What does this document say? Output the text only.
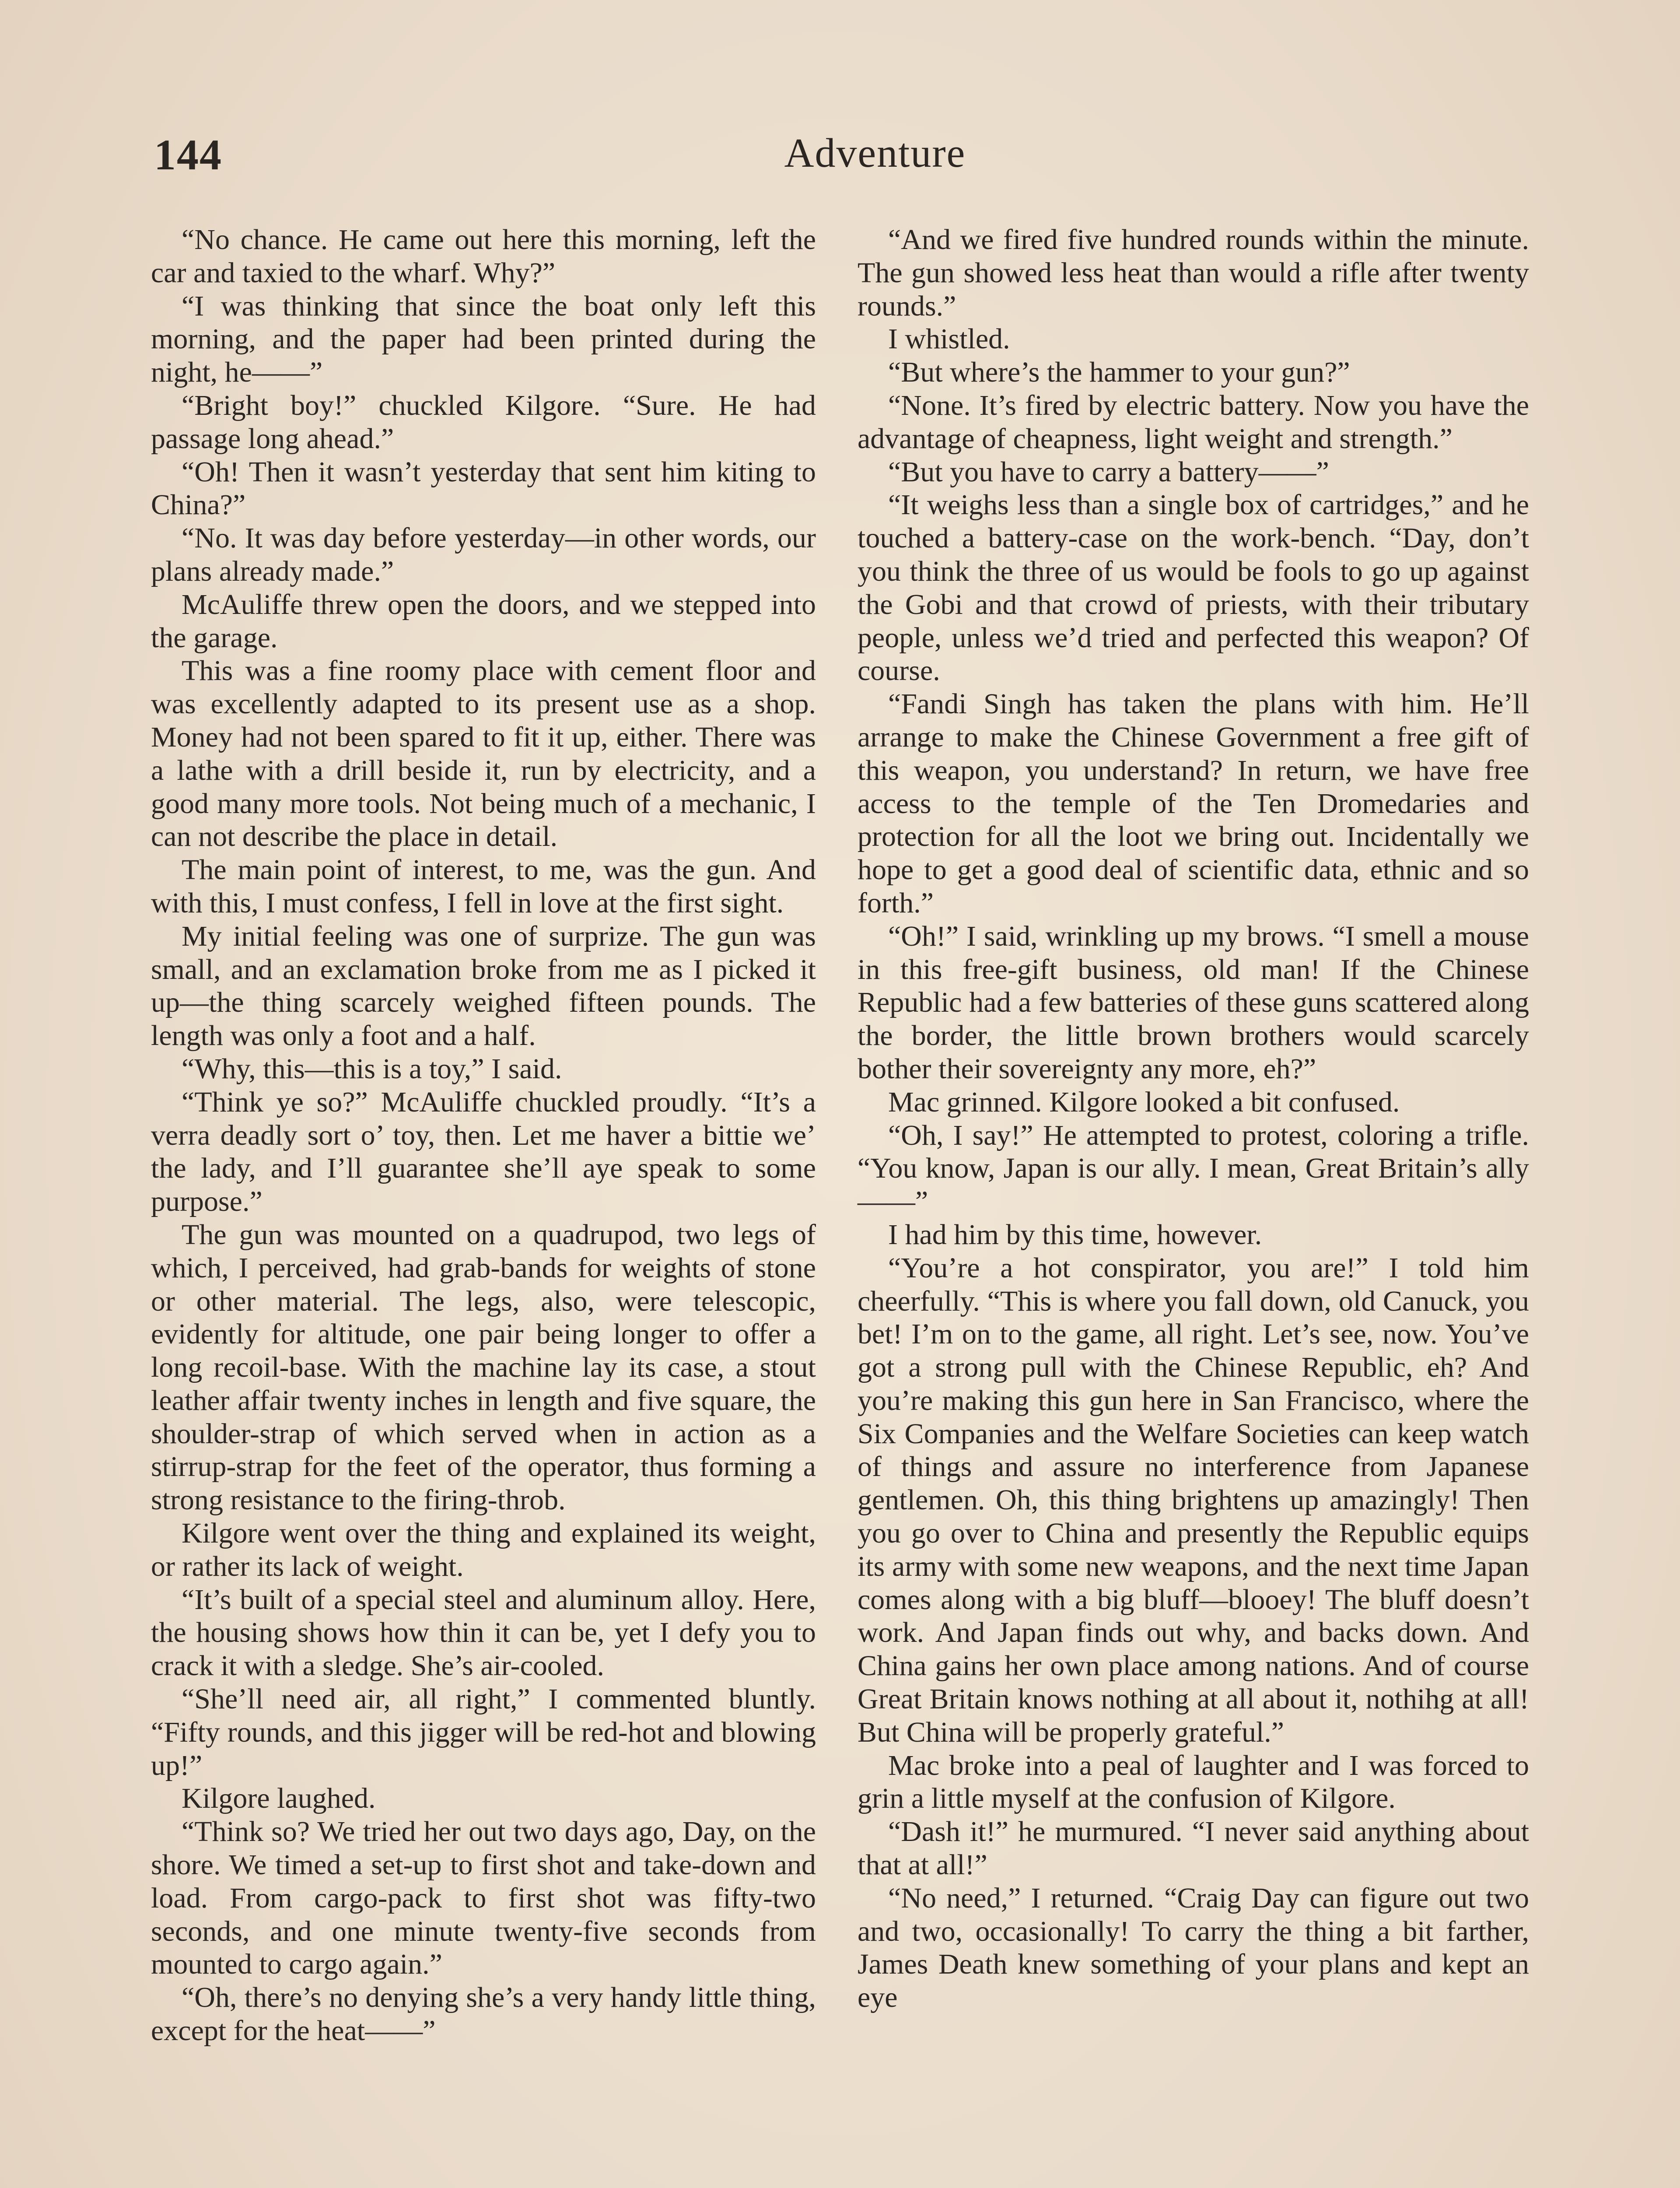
144	Adventure

“No chance. He came out here this morning, left the car and taxied to the wharf. Why?”

“I was thinking that since the boat only left this morning, and the paper had been printed during the night, he——”

“Bright boy!” chuckled Kilgore. “Sure. He had passage long ahead.”

“Oh! Then it wasn’t yesterday that sent him kiting to China?”

“No. It was day before yesterday—in other words, our plans already made.”

McAuliffe threw open the doors, and we stepped into the garage.

This was a fine roomy place with cement floor and was excellently adapted to its present use as a shop. Money had not been spared to fit it up, either. There was a lathe with a drill beside it, run by electricity, and a good many more tools. Not being much of a mechanic, I can not describe the place in detail.

The main point of interest, to me, was the gun. And with this, I must confess, I fell in love at the first sight.

My initial feeling was one of surprize. The gun was small, and an exclamation broke from me as I picked it up—the thing scarcely weighed fifteen pounds. The length was only a foot and a half.

“Why, this—this is a toy,” I said.

“Think ye so?” McAuliffe chuckled proudly. “It’s a verra deadly sort o’ toy, then. Let me haver a bittie we’ the lady, and I’ll guarantee she’ll aye speak to some purpose.”

The gun was mounted on a quadrupod, two legs of which, I perceived, had grab-bands for weights of stone or other material. The legs, also, were telescopic, evidently for altitude, one pair being longer to offer a long recoil-base. With the machine lay its case, a stout leather affair twenty inches in length and five square, the shoulder-strap of which served when in action as a stirrup-strap for the feet of the operator, thus forming a strong resistance to the firing-throb.

Kilgore went over the thing and explained its weight, or rather its lack of weight.

“It’s built of a special steel and aluminum alloy. Here, the housing shows how thin it can be, yet I defy you to crack it with a sledge. She’s air-cooled.

“She’ll need air, all right,” I commented bluntly. “Fifty rounds, and this jigger will be red-hot and blowing up!”

Kilgore laughed.

“Think so? We tried her out two days ago, Day, on the shore. We timed a set-up to first shot and take-down and load. From cargo-pack to first shot was fifty-two seconds, and one minute twenty-five seconds from mounted to cargo again.”

“Oh, there’s no denying she’s a very handy little thing, except for the heat——”

“And we fired five hundred rounds within the minute. The gun showed less heat than would a rifle after twenty rounds.”

I whistled.

“But where’s the hammer to your gun?”

“None. It’s fired by electric battery. Now you have the advantage of cheapness, light weight and strength.”

“But you have to carry a battery——”

“It weighs less than a single box of cartridges,” and he touched a battery-case on the work-bench. “Day, don’t you think the three of us would be fools to go up against the Gobi and that crowd of priests, with their tributary people, unless we’d tried and perfected this weapon? Of course.

“Fandi Singh has taken the plans with him. He’ll arrange to make the Chinese Government a free gift of this weapon, you understand? In return, we have free access to the temple of the Ten Dromedaries and protection for all the loot we bring out. Incidentally we hope to get a good deal of scientific data, ethnic and so forth.”

“Oh!” I said, wrinkling up my brows. “I smell a mouse in this free-gift business, old man! If the Chinese Republic had a few batteries of these guns scattered along the border, the little brown brothers would scarcely bother their sovereignty any more, eh?”

Mac grinned. Kilgore looked a bit confused.

“Oh, I say!” He attempted to protest, coloring a trifle. “You know, Japan is our ally. I mean, Great Britain’s ally——”

I had him by this time, however.

“You’re a hot conspirator, you are!” I told him cheerfully. “This is where you fall down, old Canuck, you bet! I’m on to the game, all right. Let’s see, now. You’ve got a strong pull with the Chinese Republic, eh? And you’re making this gun here in San Francisco, where the Six Companies and the Welfare Societies can keep watch of things and assure no interference from Japanese gentlemen. Oh, this thing brightens up amazingly! Then you go over to China and presently the Republic equips its army with some new weapons, and the next time Japan comes along with a big bluff—blooey! The bluff doesn’t work. And Japan finds out why, and backs down. And China gains her own place among nations. And of course Great Britain knows nothing at all about it, nothihg at all! But China will be properly grateful.”

Mac broke into a peal of laughter and I was forced to grin a little myself at the confusion of Kilgore.

“Dash it!” he murmured. “I never said anything about that at all!”

“No need,” I returned. “Craig Day can figure out two and two, occasionally! To carry the thing a bit farther, James Death knew something of your plans and kept an eye
